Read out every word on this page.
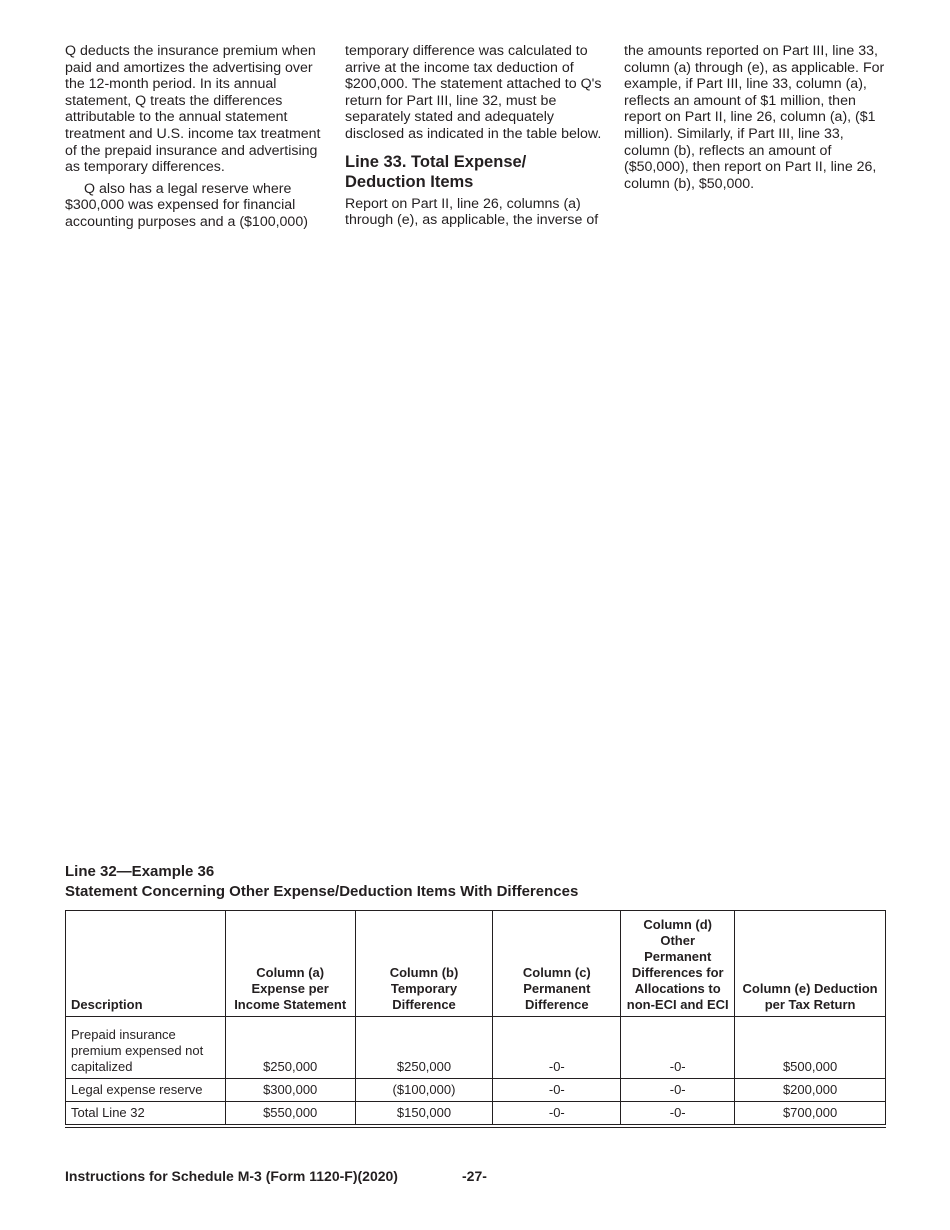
Q deducts the insurance premium when paid and amortizes the advertising over the 12-month period. In its annual statement, Q treats the differences attributable to the annual statement treatment and U.S. income tax treatment of the prepaid insurance and advertising as temporary differences.

Q also has a legal reserve where $300,000 was expensed for financial accounting purposes and a ($100,000)

temporary difference was calculated to arrive at the income tax deduction of $200,000. The statement attached to Q's return for Part III, line 32, must be separately stated and adequately disclosed as indicated in the table below.

Line 33. Total Expense/ Deduction Items

Report on Part II, line 26, columns (a) through (e), as applicable, the inverse of

the amounts reported on Part III, line 33, column (a) through (e), as applicable. For example, if Part III, line 33, column (a), reflects an amount of $1 million, then report on Part II, line 26, column (a), ($1 million). Similarly, if Part III, line 33, column (b), reflects an amount of ($50,000), then report on Part II, line 26, column (b), $50,000.

Line 32—Example 36
Statement Concerning Other Expense/Deduction Items With Differences
Description	Column (a) Expense per Income Statement	Column (b) Temporary Difference	Column (c) Permanent Difference	Column (d) Other Permanent Differences for Allocations to non-ECI and ECI	Column (e) Deduction per Tax Return
Prepaid insurance premium expensed not capitalized	$250,000	$250,000	-0-	-0-	$500,000
Legal expense reserve	$300,000	($100,000)	-0-	-0-	$200,000
Total Line 32	$550,000	$150,000	-0-	-0-	$700,000
Instructions for Schedule M-3 (Form 1120-F)(2020)	-27-
